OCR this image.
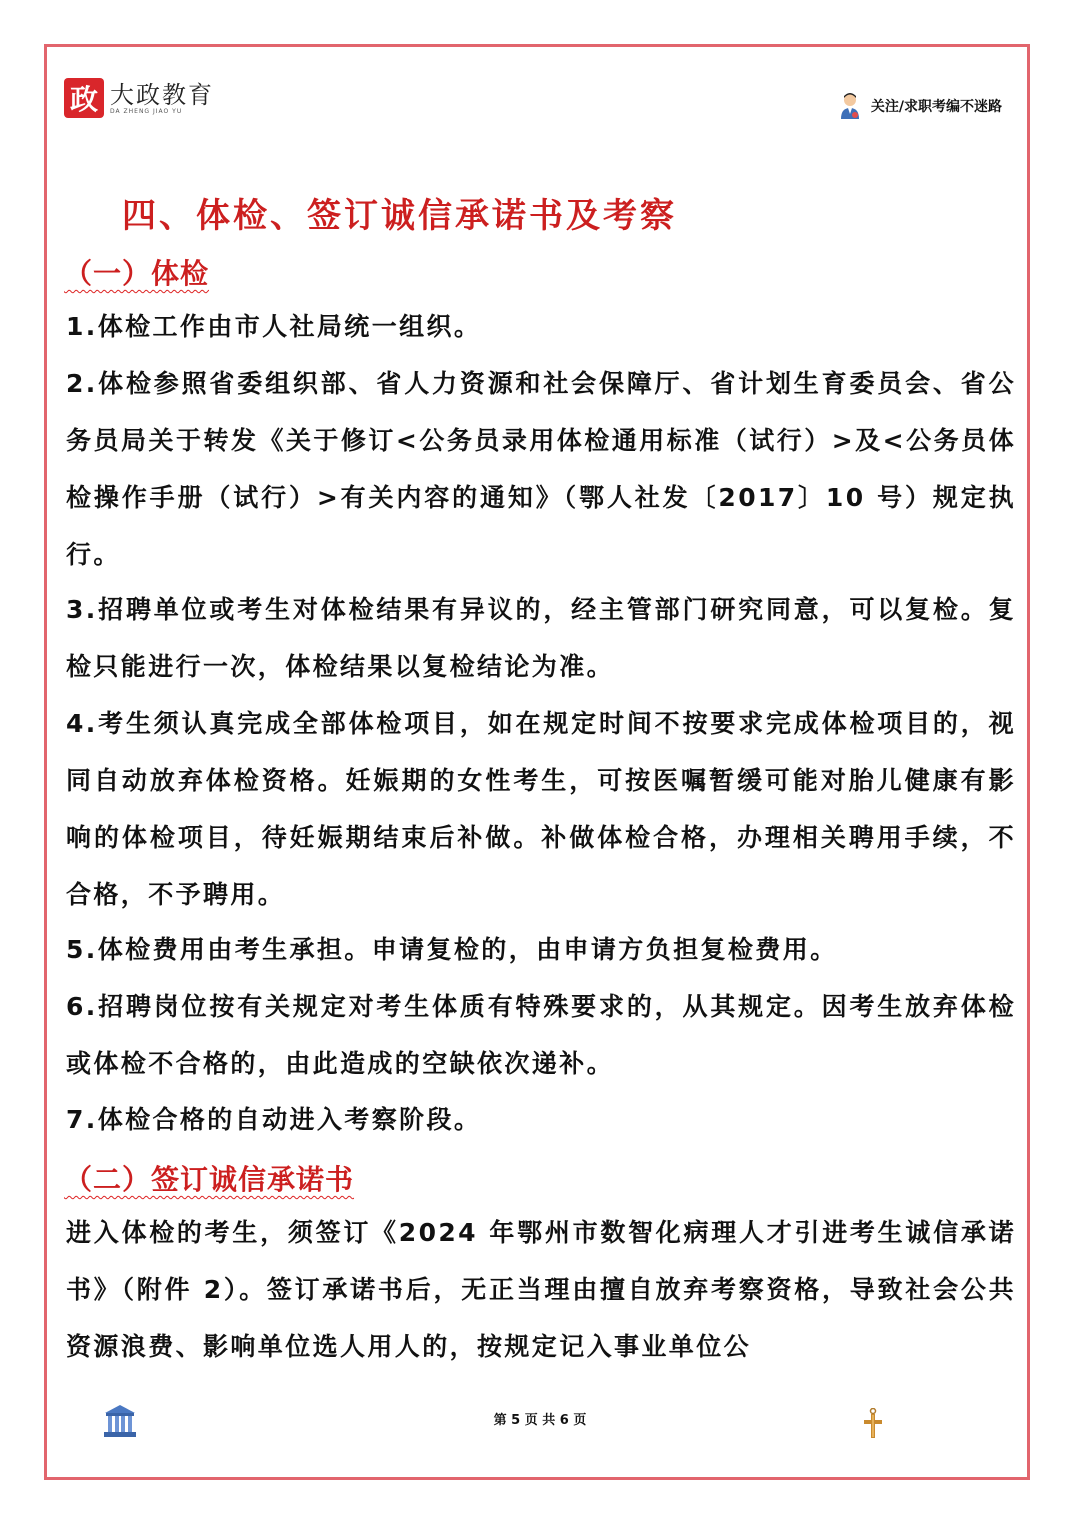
政 大政教育
DA ZHENG JIAO YU	关注/求职考编不迷路
四、体检、签订诚信承诺书及考察
（一）体检

1.体检工作由市人社局统一组织。

2.体检参照省委组织部、省人力资源和社会保障厅、省计划生育委员会、省公务员局关于转发《关于修订<公务员录用体检通用标准（试行）>及<公务员体检操作手册（试行）>有关内容的通知》（鄂人社发〔2017〕10 号）规定执行。

3.招聘单位或考生对体检结果有异议的，经主管部门研究同意，可以复检。复检只能进行一次，体检结果以复检结论为准。

4.考生须认真完成全部体检项目，如在规定时间不按要求完成体检项目的，视同自动放弃体检资格。妊娠期的女性考生，可按医嘱暂缓可能对胎儿健康有影响的体检项目，待妊娠期结束后补做。补做体检合格，办理相关聘用手续，不合格，不予聘用。

5.体检费用由考生承担。申请复检的，由申请方负担复检费用。

6.招聘岗位按有关规定对考生体质有特殊要求的，从其规定。因考生放弃体检或体检不合格的，由此造成的空缺依次递补。

7.体检合格的自动进入考察阶段。

（二）签订诚信承诺书

进入体检的考生，须签订《2024 年鄂州市数智化病理人才引进考生诚信承诺书》（附件 2）。签订承诺书后，无正当理由擅自放弃考察资格，导致社会公共资源浪费、影响单位选人用人的，按规定记入事业单位公

第 5 页 共 6 页
